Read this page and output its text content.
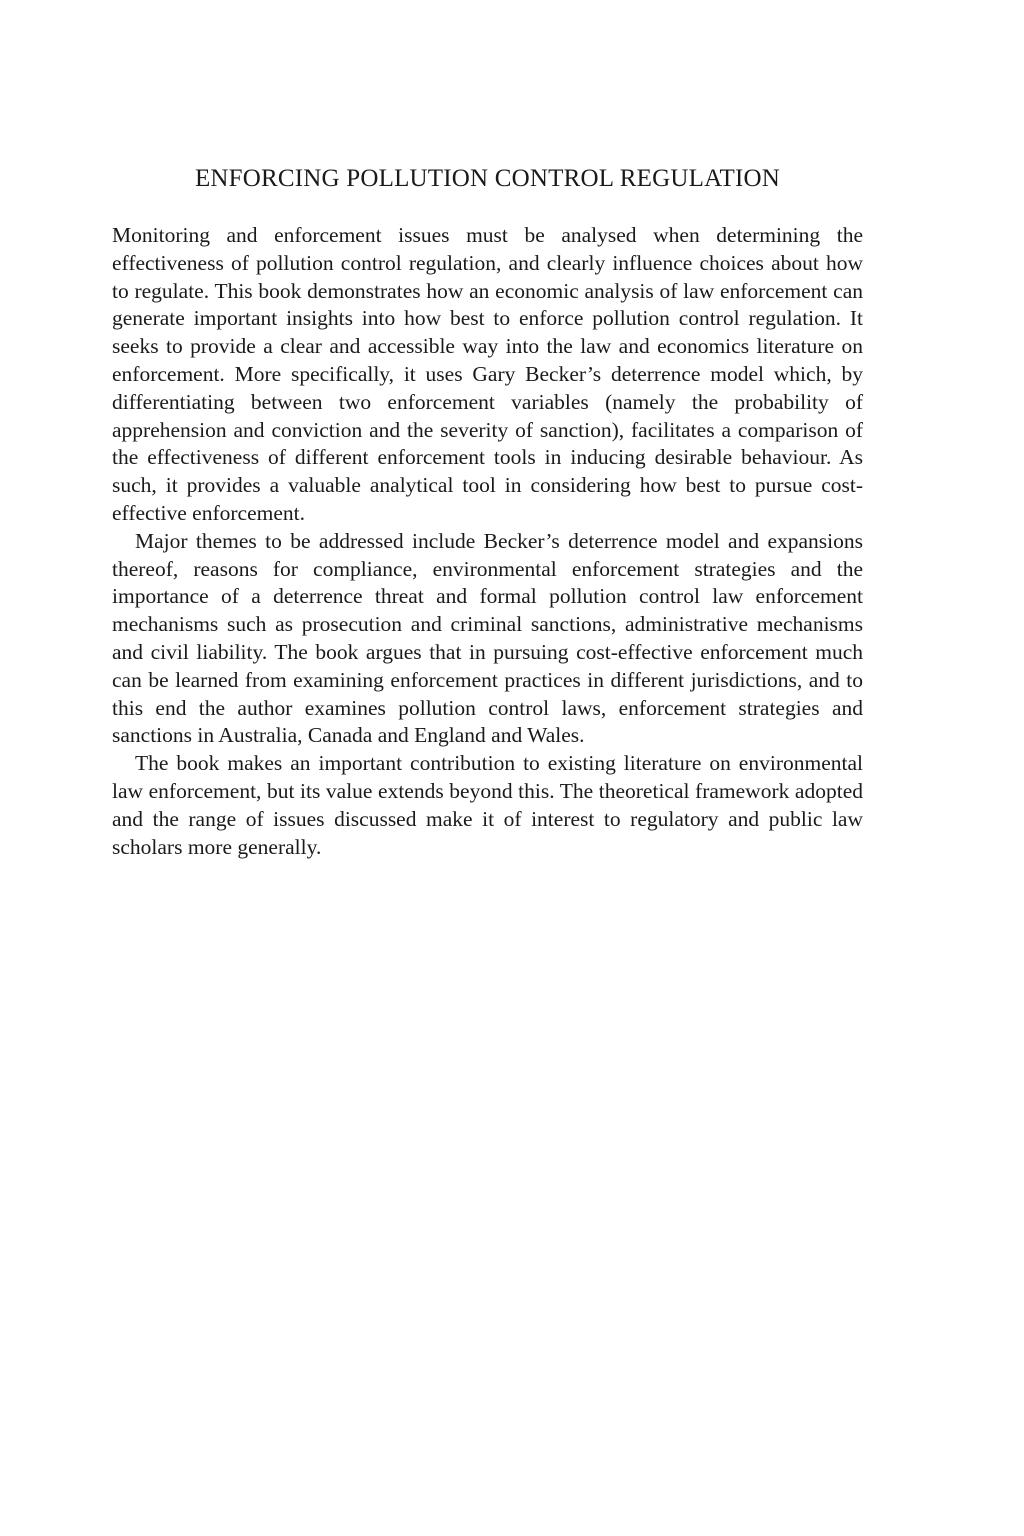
ENFORCING POLLUTION CONTROL REGULATION

Monitoring and enforcement issues must be analysed when determining the effectiveness of pollution control regulation, and clearly influence choices about how to regulate. This book demonstrates how an economic analysis of law enforcement can generate important insights into how best to enforce pollution control regulation. It seeks to provide a clear and accessible way into the law and economics literature on enforcement. More specifically, it uses Gary Becker’s deterrence model which, by differentiating between two enforcement variables (namely the probability of apprehension and conviction and the severity of sanction), facilitates a comparison of the effectiveness of different enforcement tools in inducing desirable behaviour. As such, it provides a valuable analytical tool in considering how best to pursue cost-effective enforcement.

Major themes to be addressed include Becker’s deterrence model and expansions thereof, reasons for compliance, environmental enforcement strategies and the importance of a deterrence threat and formal pollution control law enforcement mechanisms such as prosecution and criminal sanctions, administrative mechanisms and civil liability. The book argues that in pursuing cost-effective enforcement much can be learned from examining enforcement practices in different jurisdictions, and to this end the author examines pollution control laws, enforcement strategies and sanctions in Australia, Canada and England and Wales.

The book makes an important contribution to existing literature on environmental law enforcement, but its value extends beyond this. The theoretical framework adopted and the range of issues discussed make it of interest to regulatory and public law scholars more generally.
